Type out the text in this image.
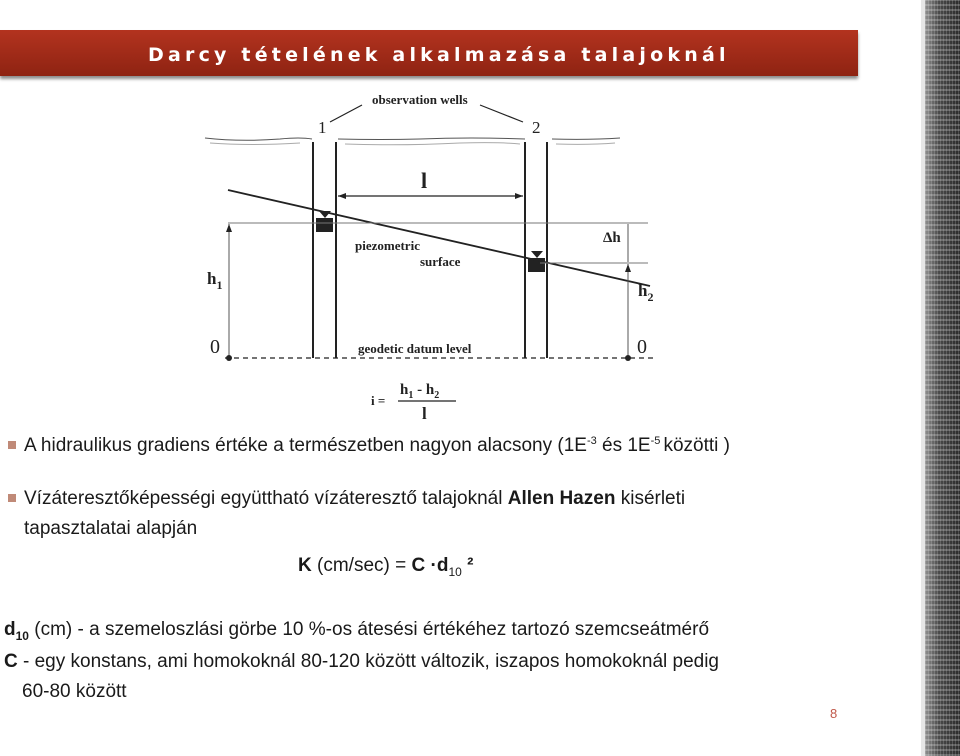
Darcy tételének alkalmazása talajoknál
observation wells
1	2
l
piezometric
surface
$h_1$	$h_2$
Δh
0	0
geodetic datum level
i =
$h_1 - h_2$
l
A hidraulikus gradiens értéke a természetben nagyon alacsony ($1E^{-3}$ és $1E^{-5}$ közötti )
Vízáteresztőképességi együttható vízáteresztő talajoknál Allen Hazen kisérleti
tapasztalatai alapján
K $(cm/\sec) = C \cdot d_{10}$ ²
$d_{10}$ (cm) - a szemeloszlási görbe 10 %-os átesési értékéhez tartozó szemcseátmérő
C - egy konstans, ami homokoknál 80-120 között változik, iszapos homokoknál pedig
60-80 között
8
